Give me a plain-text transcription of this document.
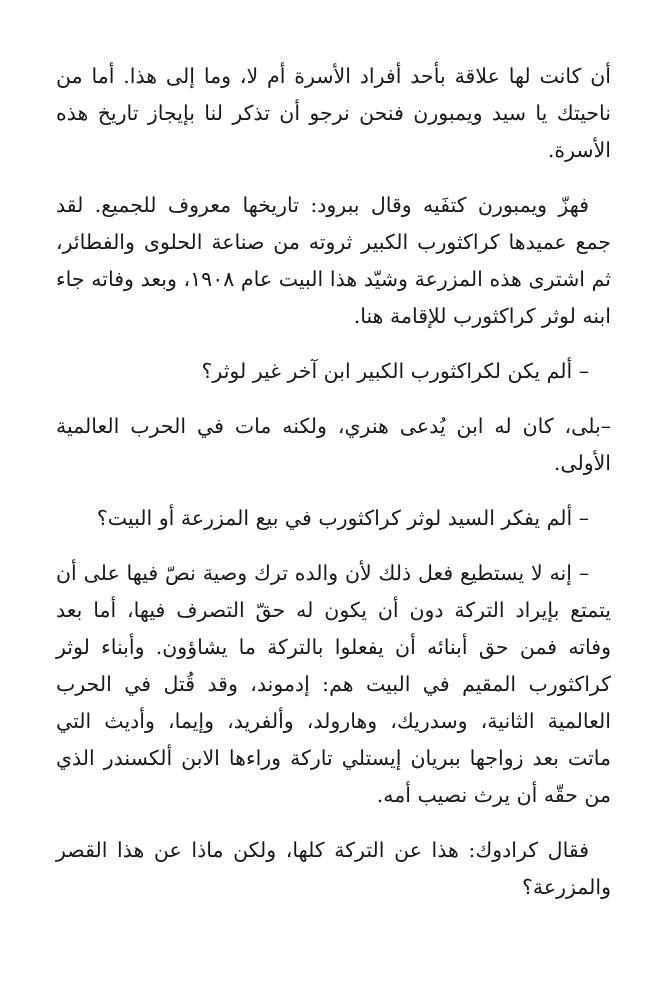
أن كانت لها علاقة بأحد أفراد الأسرة أم لا، وما إلى هذا. أما من ناحيتك يا سيد ويمبورن فنحن نرجو أن تذكر لنا بإيجاز تاريخ هذه الأسرة.

فهزّ ويمبورن كتفَيه وقال ببرود: تاريخها معروف للجميع. لقد جمع عميدها كراكثورب الكبير ثروته من صناعة الحلوى والفطائر، ثم اشترى هذه المزرعة وشيّد هذا البيت عام ١٩٠٨، وبعد وفاته جاء ابنه لوثر كراكثورب للإقامة هنا.

– ألم يكن لكراكثورب الكبير ابن آخر غير لوثر؟

–بلى، كان له ابن يُدعى هنري، ولكنه مات في الحرب العالمية الأولى.

– ألم يفكر السيد لوثر كراكثورب في بيع المزرعة أو البيت؟

– إنه لا يستطيع فعل ذلك لأن والده ترك وصية نصّ فيها على أن يتمتع بإيراد التركة دون أن يكون له حقّ التصرف فيها، أما بعد وفاته فمن حق أبنائه أن يفعلوا بالتركة ما يشاؤون. وأبناء لوثر كراكثورب المقيم في البيت هم: إدموند، وقد قُتل في الحرب العالمية الثانية، وسدريك، وهارولد، وألفريد، وإيما، وأديث التي ماتت بعد زواجها ببريان إيستلي تاركة وراءها الابن ألكسندر الذي من حقّه أن يرث نصيب أمه.

فقال كرادوك: هذا عن التركة كلها، ولكن ماذا عن هذا القصر والمزرعة؟
